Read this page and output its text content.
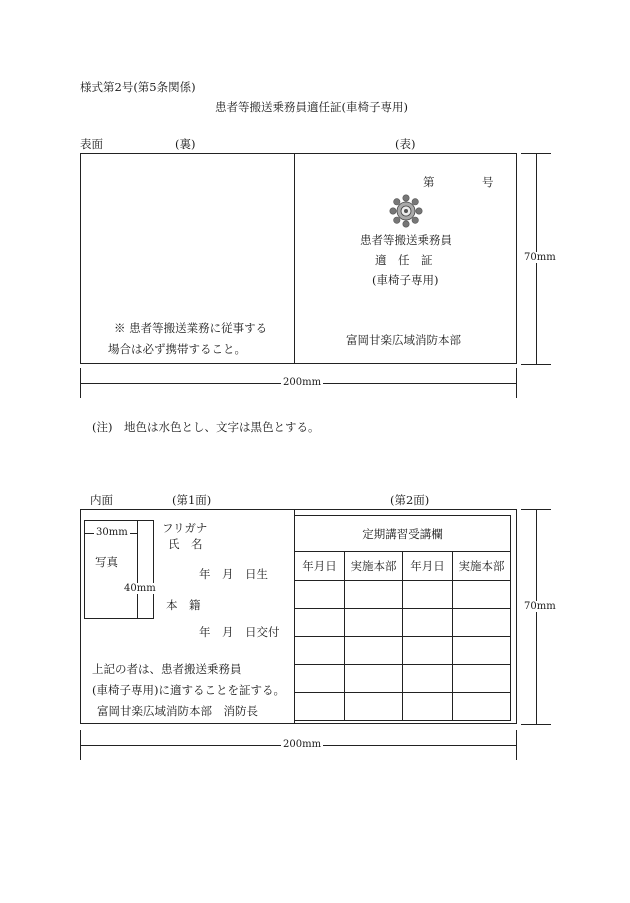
様式第2号(第5条関係)
患者等搬送乗務員適任証(車椅子専用)
表面	(裏)	(表)
第	号
患者等搬送乗務員
適　任　証
(車椅子専用)
富岡甘楽広域消防本部
※ 患者等搬送業務に従事する
場合は必ず携帯すること。
70mm
200mm
(注)　地色は水色とし、文字は黒色とする。
内面	(第1面)	(第2面)
30mm
写真
40mm
フリガナ
氏　名
年　月　日生
本　籍
年　月　日交付
上記の者は、患者搬送乗務員
(車椅子専用)に適することを証する。
富岡甘楽広域消防本部　消防長
定期講習受講欄			
年月日	実施本部	年月日	実施本部

70mm
200mm
